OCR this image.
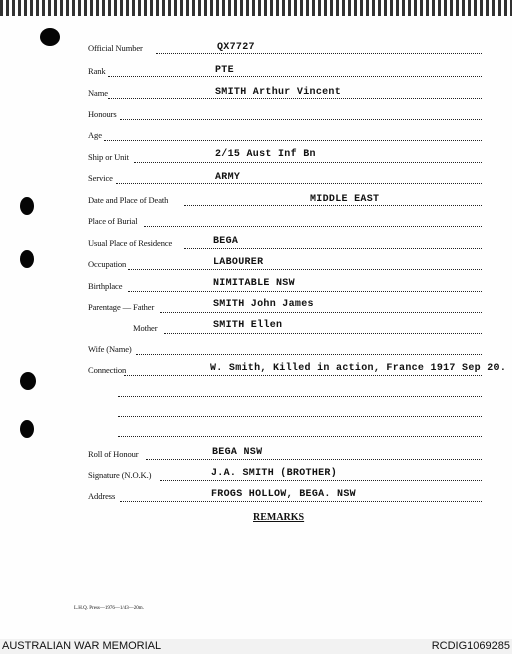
Official Number	QX7727
Rank	PTE
Name	SMITH Arthur Vincent
Honours
Age
Ship or Unit	2/15 Aust Inf Bn
Service	ARMY
Date and Place of Death	MIDDLE EAST
Place of Burial
Usual Place of Residence	BEGA
Occupation	LABOURER
Birthplace	NIMITABLE NSW
Parentage — Father	SMITH John James
Mother	SMITH Ellen
Wife (Name)
Connection	W. Smith, Killed in action, France 1917 Sep 20.
Roll of Honour	BEGA NSW
Signature (N.O.K.)	J.A. SMITH (BROTHER)
Address	FROGS HOLLOW, BEGA. NSW
REMARKS
L.H.Q. Press—1976—1/43—20m.
AUSTRALIAN WAR MEMORIAL	RCDIG1069285
